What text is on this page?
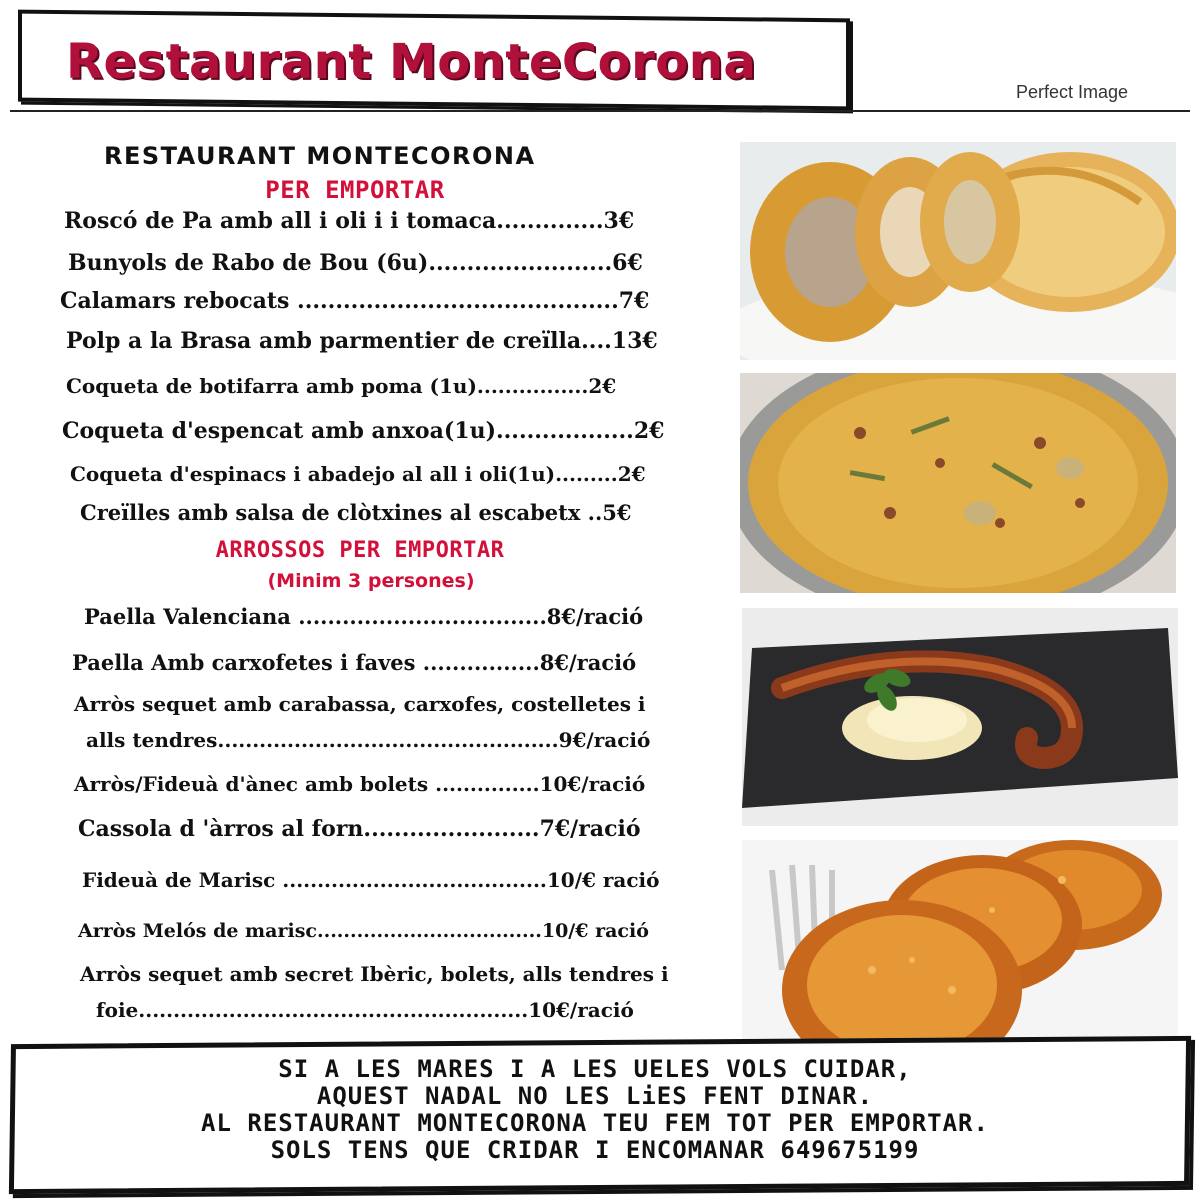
Restaurant MonteCorona
Perfect Image
RESTAURANT MONTECORONA
PER EMPORTAR
Roscó de Pa amb all i oli i i tomaca..............3€
Bunyols de Rabo de Bou (6u)........................6€
Calamars rebocats ..........................................7€
Polp a la Brasa amb parmentier de creïlla....13€
Coqueta de botifarra amb poma (1u)................2€
Coqueta d'espencat amb anxoa(1u)..................2€
Coqueta d'espinacs i abadejo al all i oli(1u).........2€
Creïlles amb salsa de clòtxines al escabetx ..5€
ARROSSOS PER EMPORTAR
(Minim 3 persones)
Paella Valenciana ..................................8€/ració
Paella Amb carxofetes i faves ................8€/ració
Arròs sequet amb carabassa, carxofes, costelletes i
alls tendres.................................................9€/ració
Arròs/Fideuà d'ànec amb bolets ...............10€/ració
Cassola d 'àrros al forn.......................7€/ració
Fideuà de Marisc ......................................10/€ ració
Arròs Melós de marisc..................................10/€ ració
Arròs sequet amb secret Ibèric, bolets, alls tendres i
foie........................................................10€/ració
SI A LES MARES I A LES UELES VOLS CUIDAR,
AQUEST NADAL NO LES LiES FENT DINAR.
AL RESTAURANT MONTECORONA TEU FEM TOT PER EMPORTAR.
SOLS TENS QUE CRIDAR I ENCOMANAR 649675199
